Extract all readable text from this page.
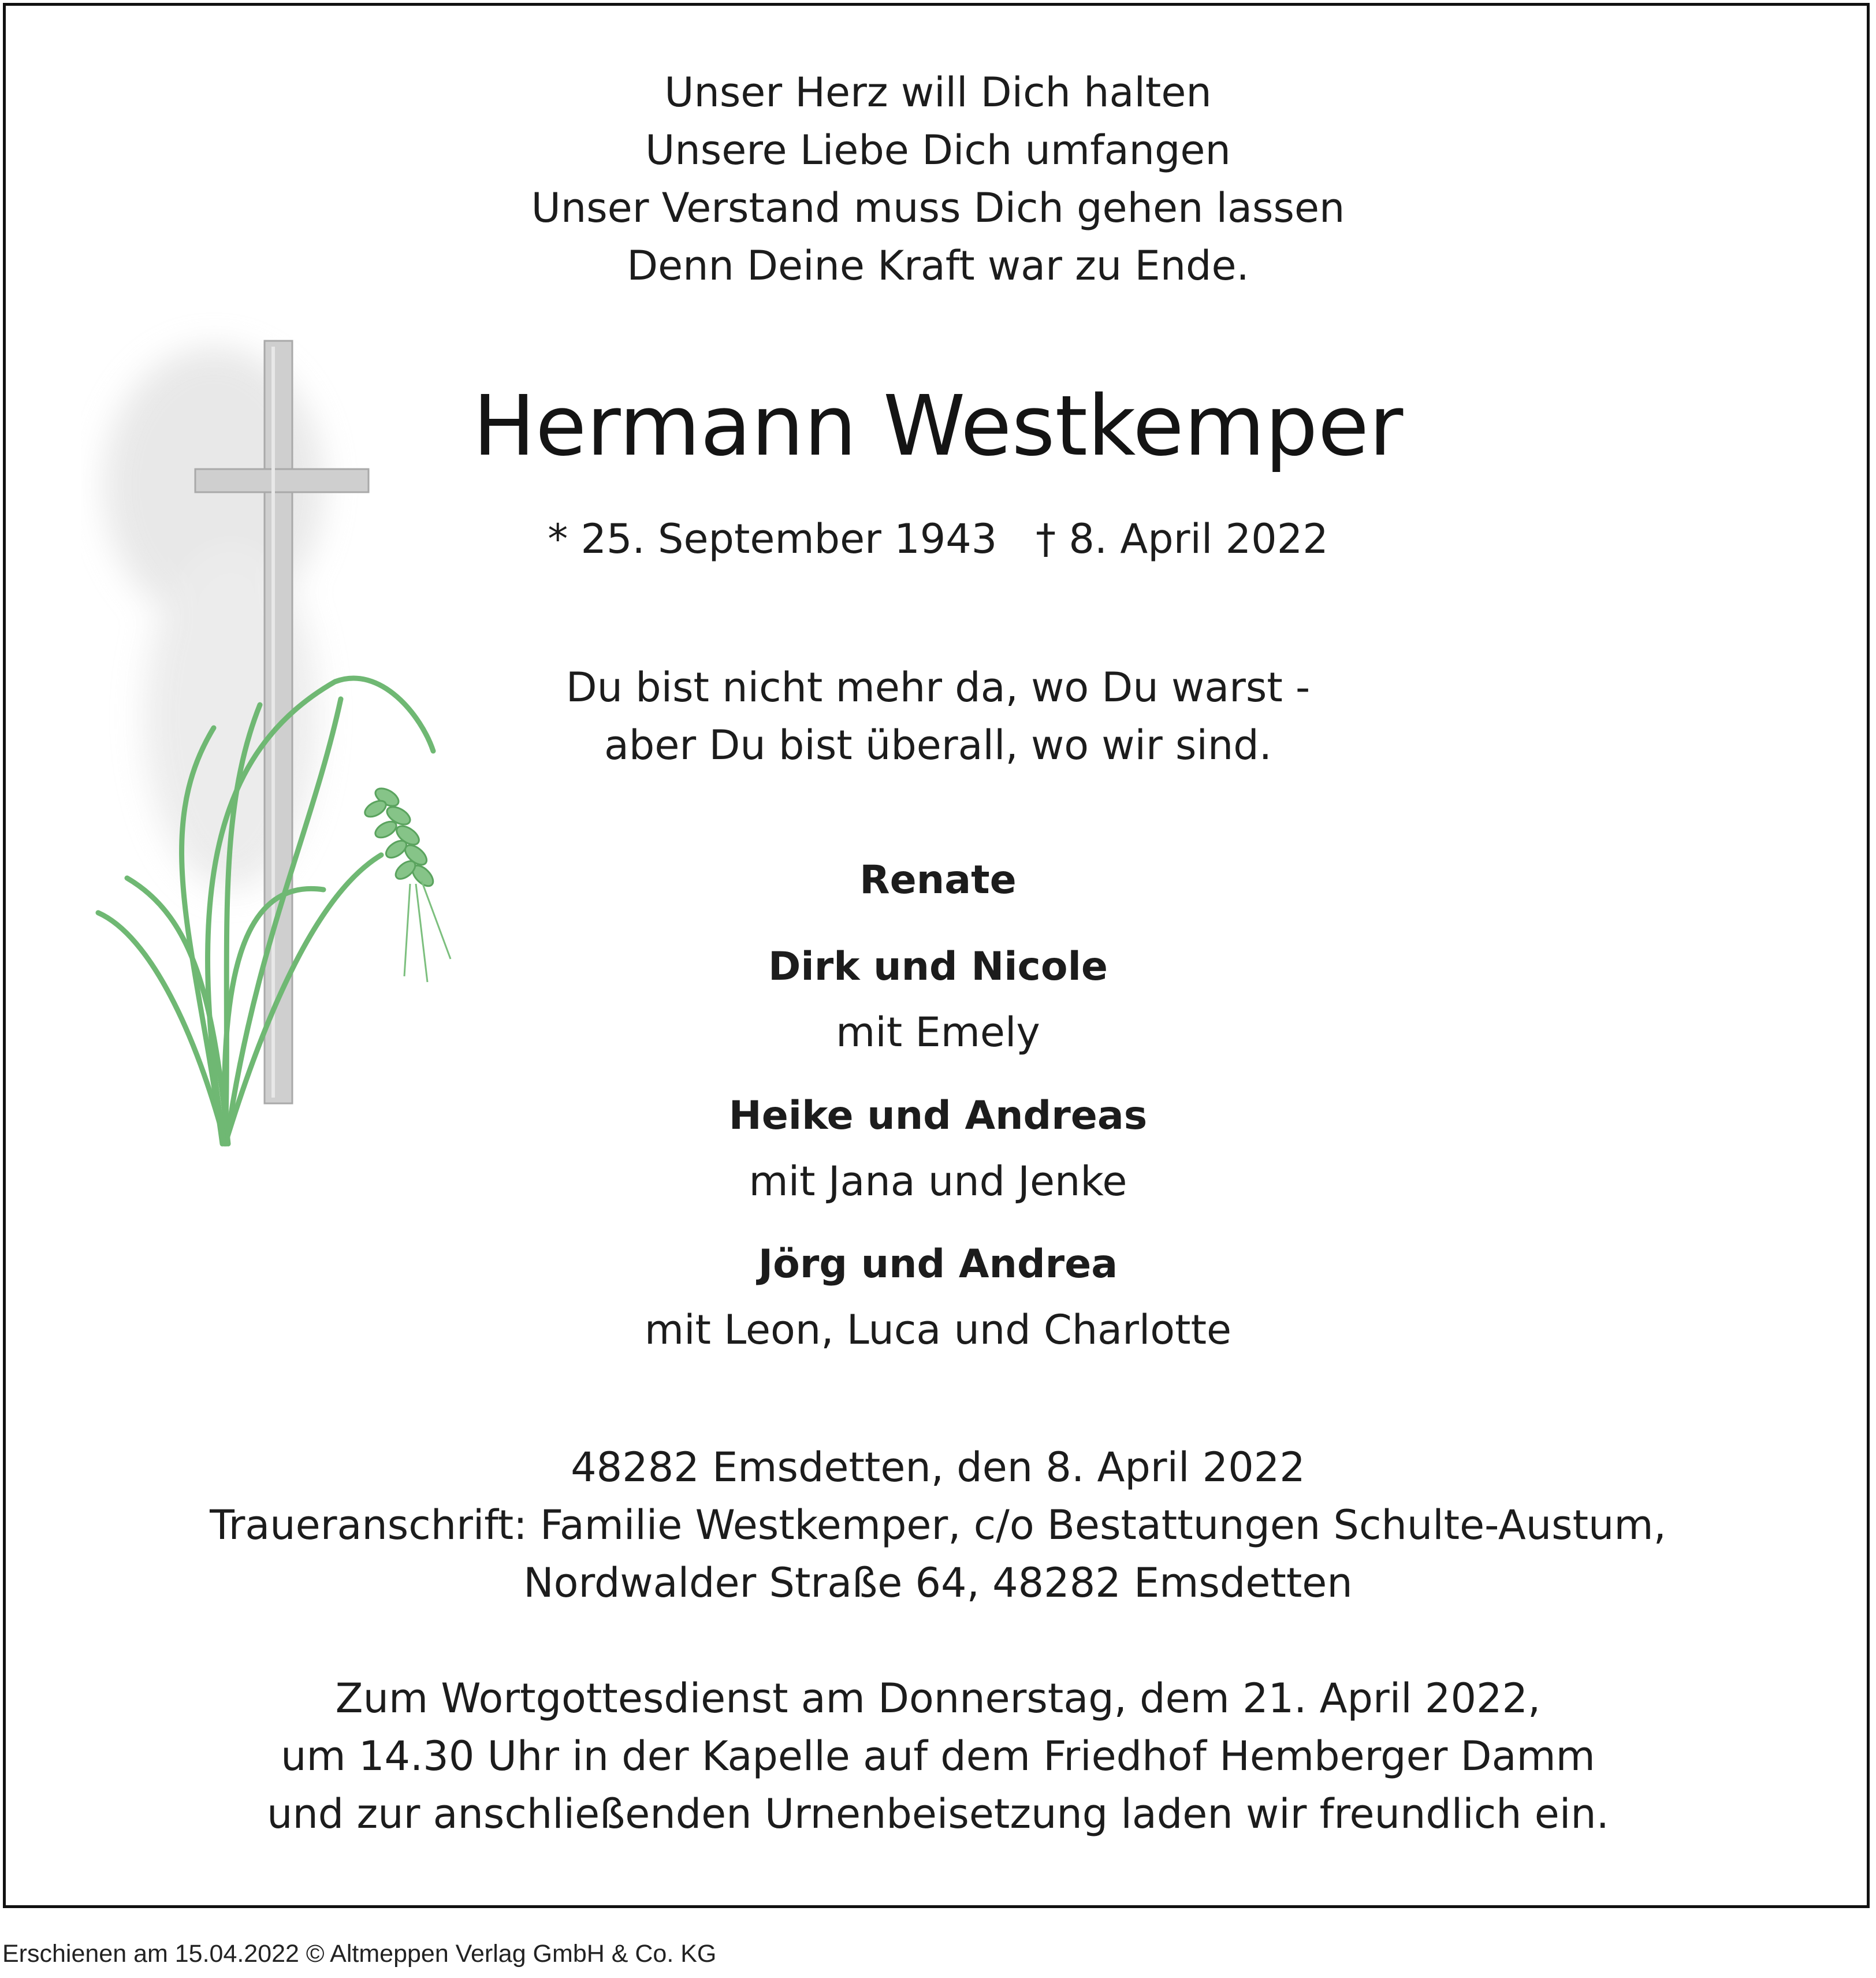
Unser Herz will Dich halten
Unsere Liebe Dich umfangen
Unser Verstand muss Dich gehen lassen
Denn Deine Kraft war zu Ende.
Hermann Westkemper
* 25. September 1943   † 8. April 2022
Du bist nicht mehr da, wo Du warst -
aber Du bist überall, wo wir sind.
Renate
Dirk und Nicole
mit Emely
Heike und Andreas
mit Jana und Jenke
Jörg und Andrea
mit Leon, Luca und Charlotte
48282 Emsdetten, den 8. April 2022
Traueranschrift: Familie Westkemper, c/o Bestattungen Schulte-Austum,
Nordwalder Straße 64, 48282 Emsdetten
Zum Wortgottesdienst am Donnerstag, dem 21. April 2022,
um 14.30 Uhr in der Kapelle auf dem Friedhof Hemberger Damm
und zur anschließenden Urnenbeisetzung laden wir freundlich ein.
Erschienen am 15.04.2022 © Altmeppen Verlag GmbH & Co. KG
